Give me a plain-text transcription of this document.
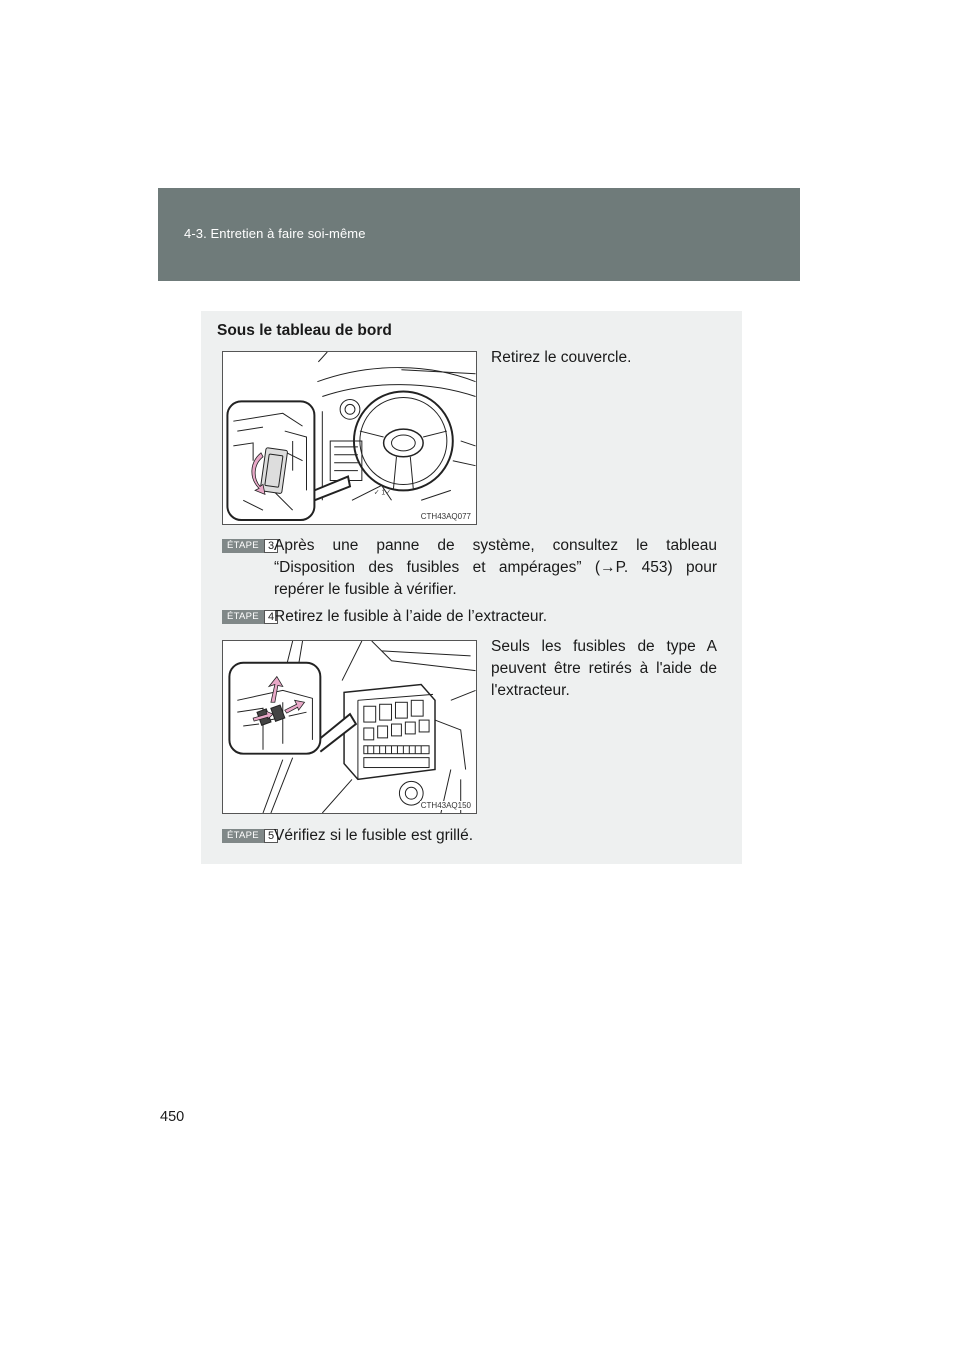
4-3. Entretien à faire soi-même
Sous le tableau de bord
✓ 1✓
CTH43AQ077
Retirez le couvercle.
ÉTAPE 3 Après une panne de système, consultez le tableau
“Disposition des fusibles et ampérages” (→P. 453) pour
repérer le fusible à vérifier.
ÉTAPE 4 Retirez le fusible à l’aide de l’extracteur.
CTH43AQ150
Seuls les fusibles de type A
peuvent être retirés à l'aide de
l'extracteur.
ÉTAPE 5 Vérifiez si le fusible est grillé.
450
